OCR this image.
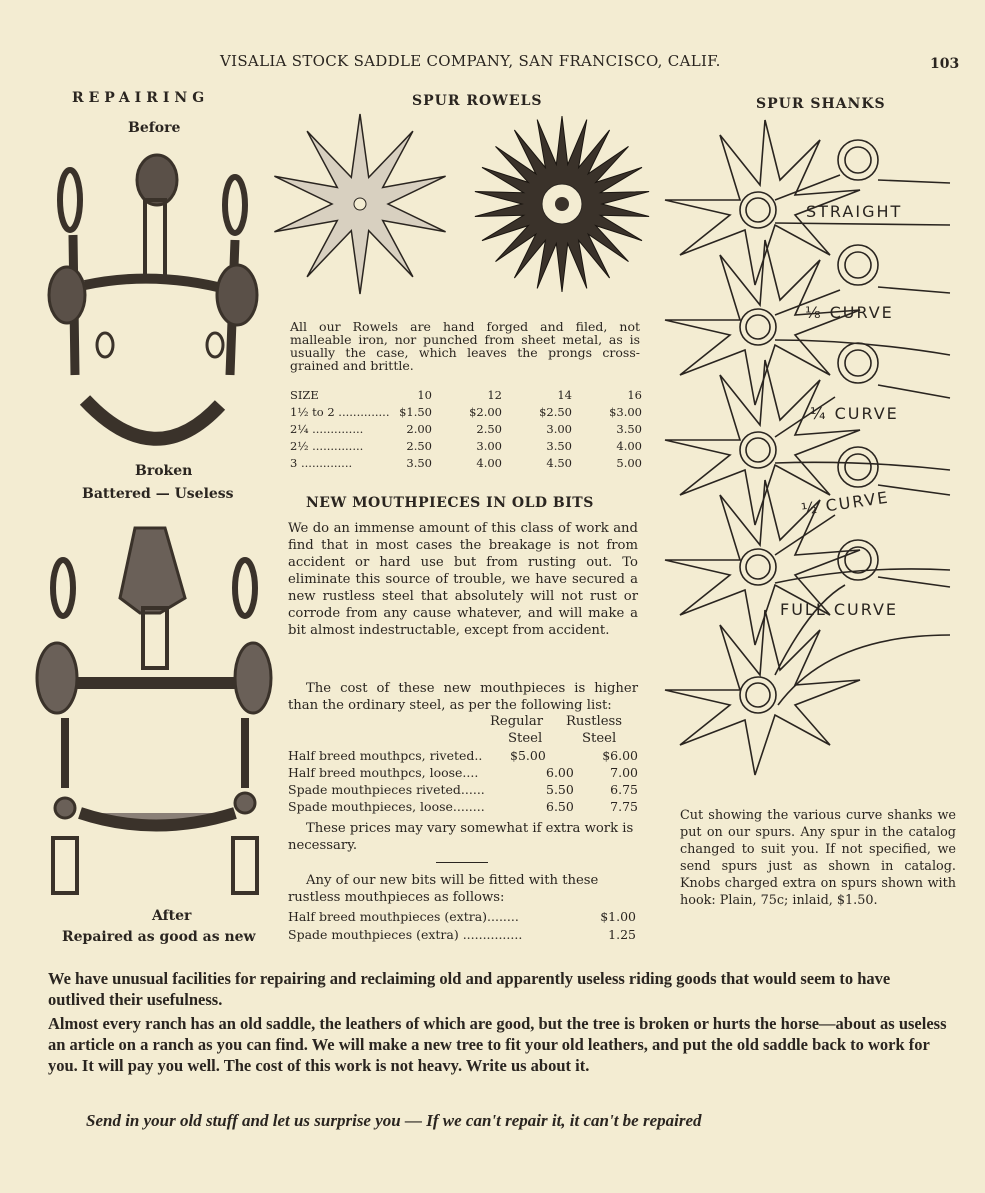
VISALIA STOCK SADDLE COMPANY, SAN FRANCISCO, CALIF.	103
REPAIRING
Before
Broken
Battered — Useless
After
Repaired as good as new
SPUR ROWELS
All our Rowels are hand forged and filed, not malleable iron, nor punched from sheet metal, as is usually the case, which leaves the prongs cross-grained and brittle.
SIZE	10	12	14	16
1½ to 2 ..............	$1.50	$2.00	$2.50	$3.00
2¼ ..............	2.00	2.50	3.00	3.50
2½ ..............	2.50	3.00	3.50	4.00
3 ..............	3.50	4.00	4.50	5.00
NEW MOUTHPIECES IN OLD BITS
We do an immense amount of this class of work and find that in most cases the breakage is not from accident or hard use but from rusting out. To eliminate this source of trouble, we have secured a new rustless steel that absolutely will not rust or corrode from any cause whatever, and will make a bit almost indestructable, except from accident.
The cost of these new mouthpieces is higher than the ordinary steel, as per the following list:
Regular Rustless
Steel	Steel
Half breed mouthpcs, riveted.. $5.00	$6.00
Half breed mouthpcs, loose....	6.00	7.00
Spade mouthpieces riveted......	5.50	6.75
Spade mouthpieces, loose........	6.50	7.75
These prices may vary somewhat if extra work is necessary.
Any of our new bits will be fitted with these rustless mouthpieces as follows:
Half breed mouthpieces (extra)........	$1.00
Spade mouthpieces (extra) ...............	1.25
SPUR SHANKS
STRAIGHT
⅛ CURVE
¼ CURVE
½ CURVE
FULL CURVE
Cut showing the various curve shanks we put on our spurs. Any spur in the catalog changed to suit you. If not specified, we send spurs just as shown in catalog. Knobs charged extra on spurs shown with hook: Plain, 75c; inlaid, $1.50.
We have unusual facilities for repairing and reclaiming old and apparently useless riding goods that would seem to have outlived their usefulness.
Almost every ranch has an old saddle, the leathers of which are good, but the tree is broken or hurts the horse—about as useless an article on a ranch as you can find. We will make a new tree to fit your old leathers, and put the old saddle back to work for you. It will pay you well. The cost of this work is not heavy. Write us about it.
Send in your old stuff and let us surprise you — If we can't repair it, it can't be repaired
